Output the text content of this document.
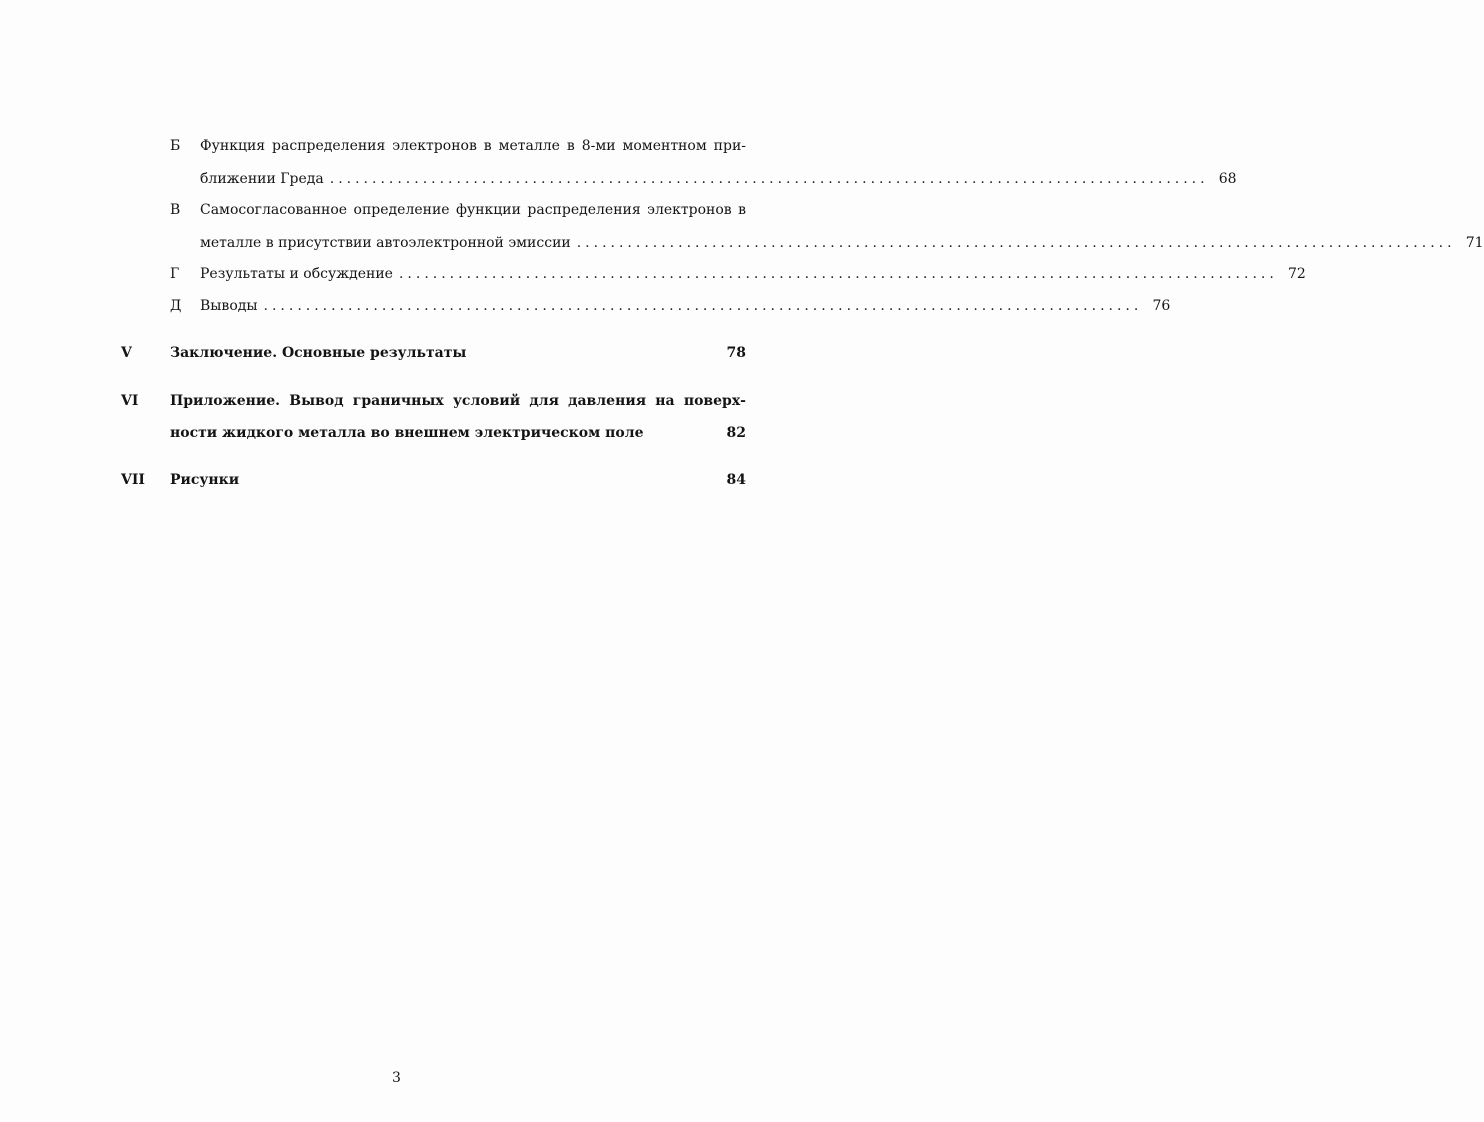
Б Функция распределения электронов в металле в 8-ми моментном при-
ближении Греда ........................................................................................................ 68
В Самосогласованное определение функции распределения электронов в
металле в присутствии автоэлектронной эмиссии ........................................................................................................ 71
Г Результаты и обсуждение ........................................................................................................ 72
Д Выводы ........................................................................................................ 76
V	Заключение. Основные результаты	78
VI Приложение. Вывод граничных условий для давления на поверх-
ности жидкого металла во внешнем электрическом поле	82
VII Рисунки	84
3
